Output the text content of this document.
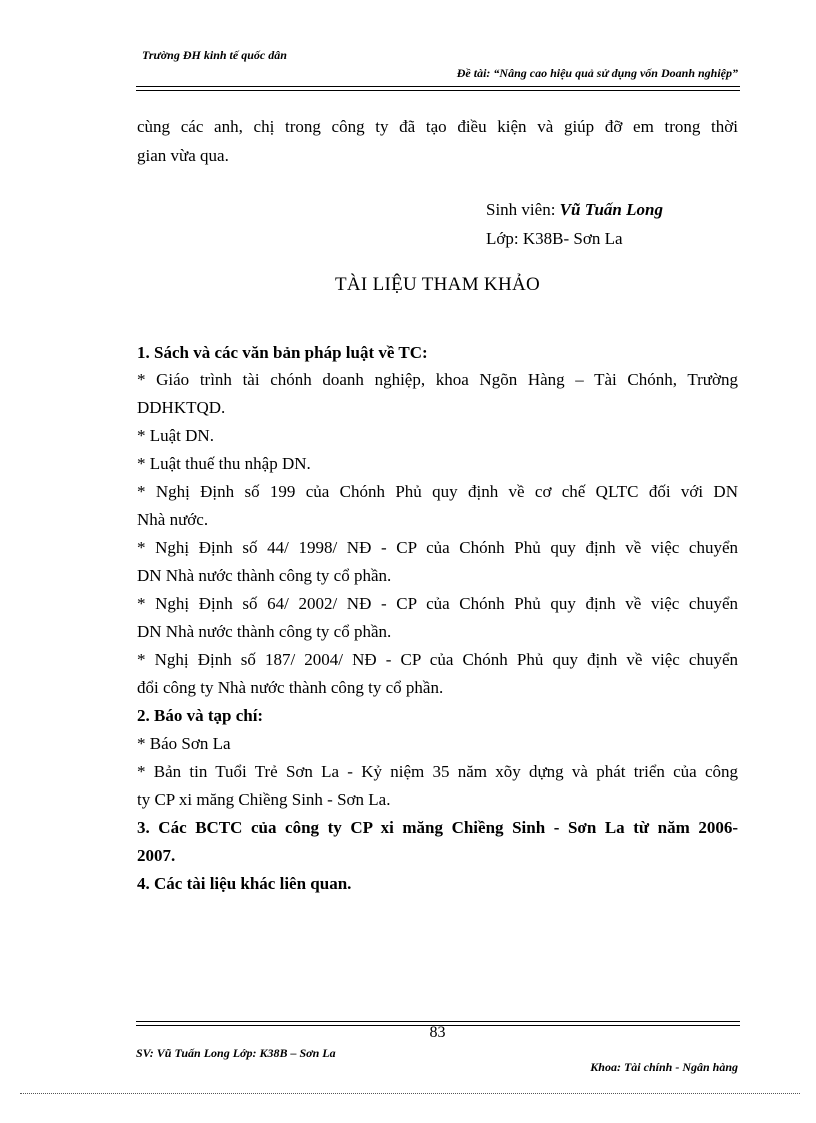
Trường ĐH kinh tế quốc dân
Đề tài: “Nâng cao hiệu quả sử dụng vốn Doanh nghiệp”
cùng các anh, chị trong công ty đã tạo điều kiện và giúp đỡ em trong thời
gian vừa qua.
Sinh viên: Vũ Tuấn Long
Lớp: K38B- Sơn La
TÀI LIỆU THAM KHẢO
1. Sách và các văn bản pháp luật về TC:
* Giáo trình tài chónh doanh nghiệp, khoa Ngõn Hàng – Tài Chónh, Trường
DDHKTQD.
* Luật DN.
* Luật thuế thu nhập DN.
* Nghị Định số 199 của Chónh Phủ quy định về cơ chế QLTC đối với DN
Nhà nước.
* Nghị Định số 44/ 1998/ NĐ - CP của Chónh Phủ quy định về việc chuyển
DN Nhà nước thành công ty cổ phần.
* Nghị Định số 64/ 2002/ NĐ - CP của Chónh Phủ quy định về việc chuyển
DN Nhà nước thành công ty cổ phần.
* Nghị Định số 187/ 2004/ NĐ - CP của Chónh Phủ quy định về việc chuyển
đổi công ty Nhà nước thành công ty cổ phần.
2. Báo và tạp chí:
* Báo Sơn La
* Bản tin Tuổi Trẻ Sơn La - Kỷ niệm 35 năm xõy dựng và phát triển của công
ty CP xi măng Chiềng Sinh - Sơn La.
3. Các BCTC của công ty CP xi măng Chiềng Sinh - Sơn La từ năm 2006-
2007.
4. Các tài liệu khác liên quan.
83
SV: Vũ Tuấn Long Lớp: K38B – Sơn La
Khoa: Tài chính - Ngân hàng
